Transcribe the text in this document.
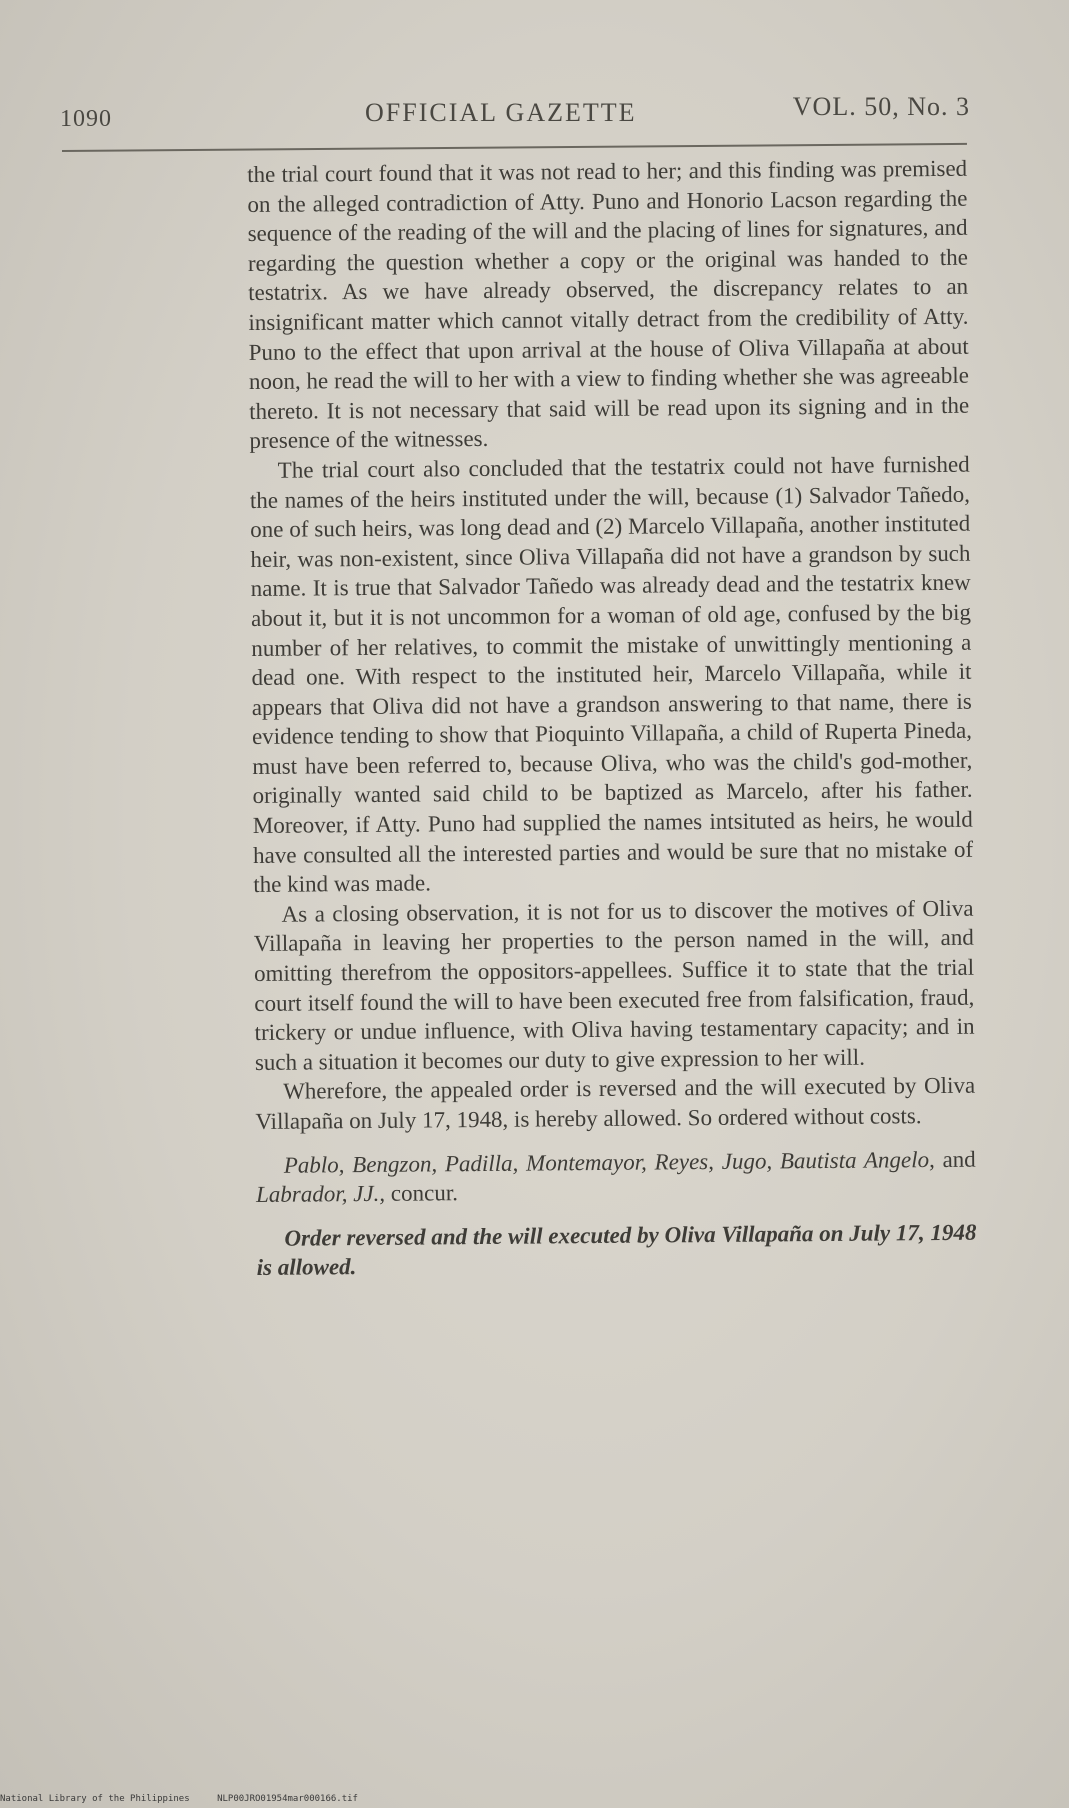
1090	OFFICIAL GAZETTE	VOL. 50, No. 3

the trial court found that it was not read to her; and this finding was premised on the alleged contradiction of Atty. Puno and Honorio Lacson regarding the sequence of the reading of the will and the placing of lines for signatures, and regarding the question whether a copy or the original was handed to the testatrix. As we have already observed, the discrepancy relates to an insignificant matter which cannot vitally detract from the credibility of Atty. Puno to the effect that upon arrival at the house of Oliva Villapaña at about noon, he read the will to her with a view to finding whether she was agreeable thereto. It is not necessary that said will be read upon its signing and in the presence of the witnesses.

The trial court also concluded that the testatrix could not have furnished the names of the heirs instituted under the will, because (1) Salvador Tañedo, one of such heirs, was long dead and (2) Marcelo Villapaña, another instituted heir, was non-existent, since Oliva Villapaña did not have a grandson by such name. It is true that Salvador Tañedo was already dead and the testatrix knew about it, but it is not uncommon for a woman of old age, confused by the big number of her relatives, to commit the mistake of unwittingly mentioning a dead one. With respect to the instituted heir, Marcelo Villapaña, while it appears that Oliva did not have a grandson answering to that name, there is evidence tending to show that Pioquinto Villapaña, a child of Ruperta Pineda, must have been referred to, because Oliva, who was the child's god-mother, originally wanted said child to be baptized as Marcelo, after his father. Moreover, if Atty. Puno had supplied the names intsituted as heirs, he would have consulted all the interested parties and would be sure that no mistake of the kind was made.

As a closing observation, it is not for us to discover the motives of Oliva Villapaña in leaving her properties to the person named in the will, and omitting therefrom the oppositors-appellees. Suffice it to state that the trial court itself found the will to have been executed free from falsification, fraud, trickery or undue influence, with Oliva having testamentary capacity; and in such a situation it becomes our duty to give expression to her will.

Wherefore, the appealed order is reversed and the will executed by Oliva Villapaña on July 17, 1948, is hereby allowed. So ordered without costs.

Pablo, Bengzon, Padilla, Montemayor, Reyes, Jugo, Bautista Angelo, and Labrador, JJ., concur.

Order reversed and the will executed by Oliva Villapaña on July 17, 1948 is allowed.

National Library of the Philippines	NLP00JRO01954mar000166.tif
